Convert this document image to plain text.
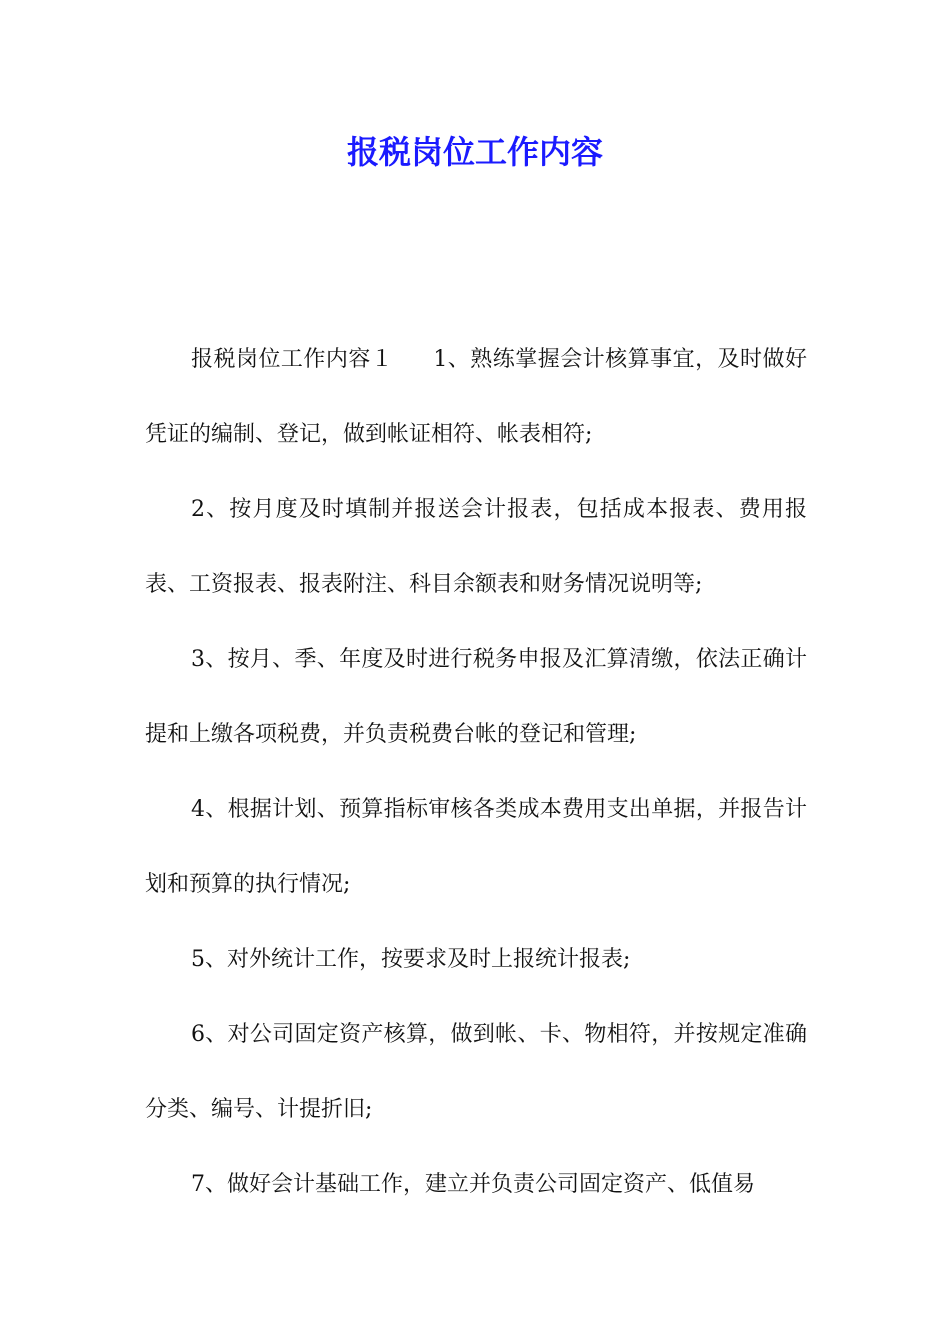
报税岗位工作内容

报税岗位工作内容１ 1、熟练掌握会计核算事宜，及时做好凭证的编制、登记，做到帐证相符、帐表相符;

2、按月度及时填制并报送会计报表，包括成本报表、费用报表、工资报表、报表附注、科目余额表和财务情况说明等;

3、按月、季、年度及时进行税务申报及汇算清缴，依法正确计提和上缴各项税费，并负责税费台帐的登记和管理;

4、根据计划、预算指标审核各类成本费用支出单据，并报告计划和预算的执行情况;

5、对外统计工作，按要求及时上报统计报表;

6、对公司固定资产核算，做到帐、卡、物相符，并按规定准确分类、编号、计提折旧;

7、做好会计基础工作，建立并负责公司固定资产、低值易
